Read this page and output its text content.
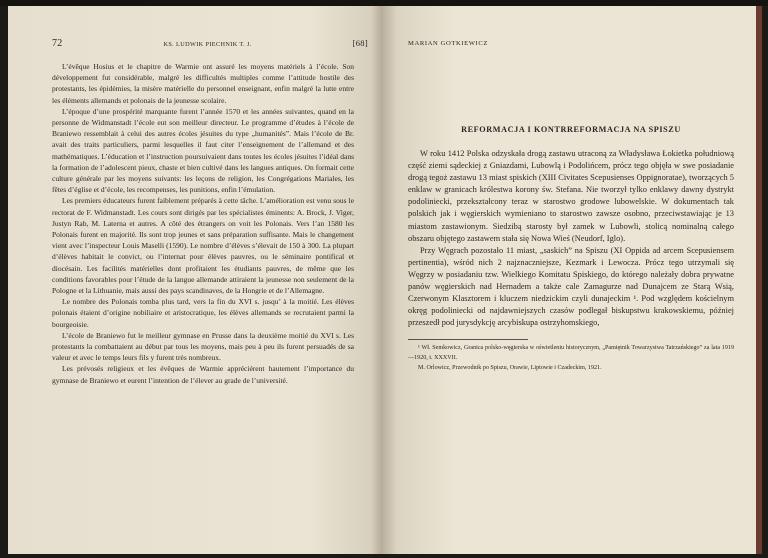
72	KS. LUDWIK PIECHNIK T. J.	[68]

L’évêque Hosius et le chapitre de Warmie ont assuré les moyens matériels à l’école. Son développement fut considérable, malgré les difficultés multiples comme l’attitude hostile des protestants, les épidémies, la misère matérielle du personnel enseignant, enfin malgré la lutte entre les éléments allemands et polonais de la jeunesse scolaire.

L’époque d’une prospérité marquante furent l’année 1570 et les années suivantes, quand en la personne de Widmanstadt l’école eut son meilleur directeur. Le programme d’études à l’école de Braniewo ressemblait à celui des autres écoles jésuites du type „humanités”. Mais l’école de Br. avait des traits particuliers, parmi lesquelles il faut citer l’enseignement de l’allemand et des mathématiques. L’éducation et l’instruction poursuivaient dans toutes les écoles jésuites l’idéal dans la formation de l’adolescent pieux, chaste et bien cultivé dans les langues antiques. On formait cette culture générale par les moyens suivants: les leçons de religion, les Congrégations Mariales, les fêtes d’église et d’école, les recompenses, les punitions, enfin l’émulation.

Les premiers éducateurs furent faiblement préparés à cette tâche. L’amélioration est venu sous le rectorat de F. Widmanstadt. Les cours sont dirigés par les spécialistes éminents: A. Brock, J. Viger, Justyn Rab, M. Laterna et autres. A côté des étrangers on voit les Polonais. Vers l’an 1580 les Polonais furent en majorité. Ils sont trop jeunes et sans préparation suffisante. Mais le changement vient avec l’inspecteur Louis Maselli (1590). Le nombre d’élèves s’élevait de 150 à 300. La plupart d’élèves habitait le convict, ou l’internat pour élèves pauvres, ou le séminaire pontifical et diocésain. Les facilités matérielles dont profitaient les étudiants pauvres, de même que les conditions favorables pour l’étude de la langue allemande attiraient la jeunesse non seulement de la Pologne et la Lithuanie, mais aussi des pays scandinaves, de la Hongrie et de l’Allemagne.

Le nombre des Polonais tomba plus tard, vers la fin du XVI s. jusqu’ à la moitié. Les élèves polonais étaient d’origine nobiliaire et aristocratique, les élèves allemands se recrutaient parmi la bourgeoisie.

L’école de Braniewo fut le meilleur gymnase en Prusse dans la deuxième moitié du XVI s. Les protestants la combattaient au début par tous les moyens, mais peu à peu ils furent persuadés de sa valeur et avec le temps leurs fils y furent très nombreux.

Les prévosés religieux et les évêques de Warmie appréciérent hautement l’importance du gymnase de Braniewo et eurent l’intention de l’élever au grade de l’université.

MARIAN GOTKIEWICZ
REFORMACJA I KONTRREFORMACJA NA SPISZU

W roku 1412 Polska odzyskała drogą zastawu utraconą za Władysława Łokietka południową część ziemi sądeckiej z Gniazdami, Lubowlą i Podolińcem, prócz tego objęła w swe posiadanie drogą tegoż zastawu 13 miast spiskich (XIII Civitates Scepusienses Oppignoratae), tworzących 5 enklaw w granicach królestwa korony św. Stefana. Nie tworzył tylko enklawy dawny dystrykt podoliniecki, przekształcony teraz w starostwo grodowe lubowelskie. W dokumentach tak polskich jak i węgierskich wymieniano to starostwo zawsze osobno, przeciwstawiając je 13 miastom zastawionym. Siedzibą starosty był zamek w Lubowli, stolicą nominalną całego obszaru objętego zastawem stała się Nowa Wieś (Neudorf, Iglo).

Przy Węgrach pozostało 11 miast, „saskich” na Spiszu (XI Oppida ad arcem Scepusiensem pertinentia), wśród nich 2 najznaczniejsze, Kezmark i Lewocza. Prócz tego utrzymali się Węgrzy w posiadaniu tzw. Wielkiego Komitatu Spiskiego, do którego należały dobra prywatne panów węgierskich nad Hernadem a także cale Zamagurze nad Dunajcem ze Starą Wsią, Czerwonym Klasztorem i kluczem niedzickim czyli dunajeckim ¹. Pod względem kościelnym okręg podoliniecki od najdawniejszych czasów podlegał biskupstwu krakowskiemu, później przeszedł pod jurysdykcję arcybiskupa ostrzyhomskiego,

¹ Wł. Semkowicz, Granica polsko-węgierska w oświetleniu historycznym, „Pamiętnik Towarzystwa Tatrzańskiego” za lata 1919—1920, t. XXXVII.

M. Orlowicz, Przewodnik po Spiszu, Orawie, Liptowie i Czadeckim, 1921.
